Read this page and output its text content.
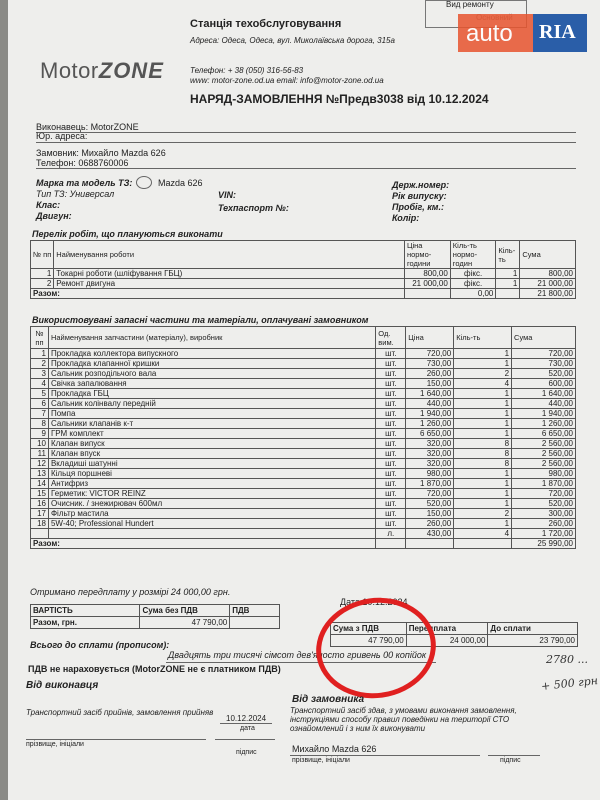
MotorZONE
Станція техобслуговування
Адреса: Одеса, Одеса, вул. Миколаївська дорога, 315а
Телефон: + 38 (050) 316-56-83
www: motor-zone.od.ua email: info@motor-zone.od.ua
Вид ремонту
auto RIA
НАРЯД-ЗАМОВЛЕННЯ №Предв3038 від 10.12.2024
Виконавець: MotorZONE
Юр. адреса:
Замовник: Михайло Mazda 626
Телефон: 0688760006
Марка та модель ТЗ:	Mazda 626
Тип ТЗ: Универсал
Клас:
Двигун:
VIN:
Техпаспорт №:
Держ.номер:
Рік випуску:
Пробіг, км.:
Колір:
Перелік робіт, що плануються виконати
№ пп	Найменування роботи	Ціна нормо-години	Кіль-ть нормо-годин	Кіль-ть	Сума
1	Токарні роботи (шліфування ГБЦ)	800,00	фікс.	1	800,00
2	Ремонт двигуна	21 000,00	фікс.	1	21 000,00
Разом:			0,00		21 800,00
Використовувані запасні частини та матеріали, оплачувані замовником
№ пп	Найменування запчастини (матеріалу), виробник	Од. вим.	Ціна	Кіль-ть	Сума
1	Прокладка коллектора випускного	шт.	720,00	1	720,00
2	Прокладка клапанної кришки	шт.	730,00	1	730,00
3	Сальник розподільчого вала	шт.	260,00	2	520,00
4	Свічка запалювання	шт.	150,00	4	600,00
5	Прокладка ГБЦ	шт.	1 640,00	1	1 640,00
6	Сальник колінвалу передній	шт.	440,00	1	440,00
7	Помпа	шт.	1 940,00	1	1 940,00
8	Сальники клапанів к-т	шт.	1 260,00	1	1 260,00
9	ГРМ комплект	шт.	6 650,00	1	6 650,00
10	Клапан випуск	шт.	320,00	8	2 560,00
11	Клапан впуск	шт.	320,00	8	2 560,00
12	Вкладиші шатунні	шт.	320,00	8	2 560,00
13	Кільця поршневі	шт.	980,00	1	980,00
14	Антифриз	шт.	1 870,00	1	1 870,00
15	Герметик: VICTOR REINZ	шт.	720,00	1	720,00
16	Очисник. / знежирювач 600мл	шт.	520,00	1	520,00
17	Фільтр мастила	шт.	150,00	2	300,00
18	5W-40; Professional Hundert	шт.	260,00	1	260,00
		л.	430,00	4	1 720,00
Разом:					25 990,00
Отримано передплату у розмірі 24 000,00 грн.
Дата 10.12.2024
ВАРТІСТЬ	Сума без ПДВ	ПДВ
Разом, грн.	47 790,00	
Сума з ПДВ	Передплата	До сплати
47 790,00	24 000,00	23 790,00
Всього до сплати (прописом):
Двадцять три тисячі сімсот дев'яносто гривень 00 копійок
ПДВ не нараховується (MotorZONE не є платником ПДВ)
2780 ...
+ 500 грн
Від виконавця
Від замовника
Транспортний засіб прийнів, замовлення прийняв
10.12.2024
дата
Транспортний засіб здав, з умовами виконання замовлення, інструкціями способу правил поведінки на території СТО ознайомлений і з ним їх виконувати
прізвище, ініціали
підпис	Михайло Mazda 626
прізвище, ініціали	підпис
